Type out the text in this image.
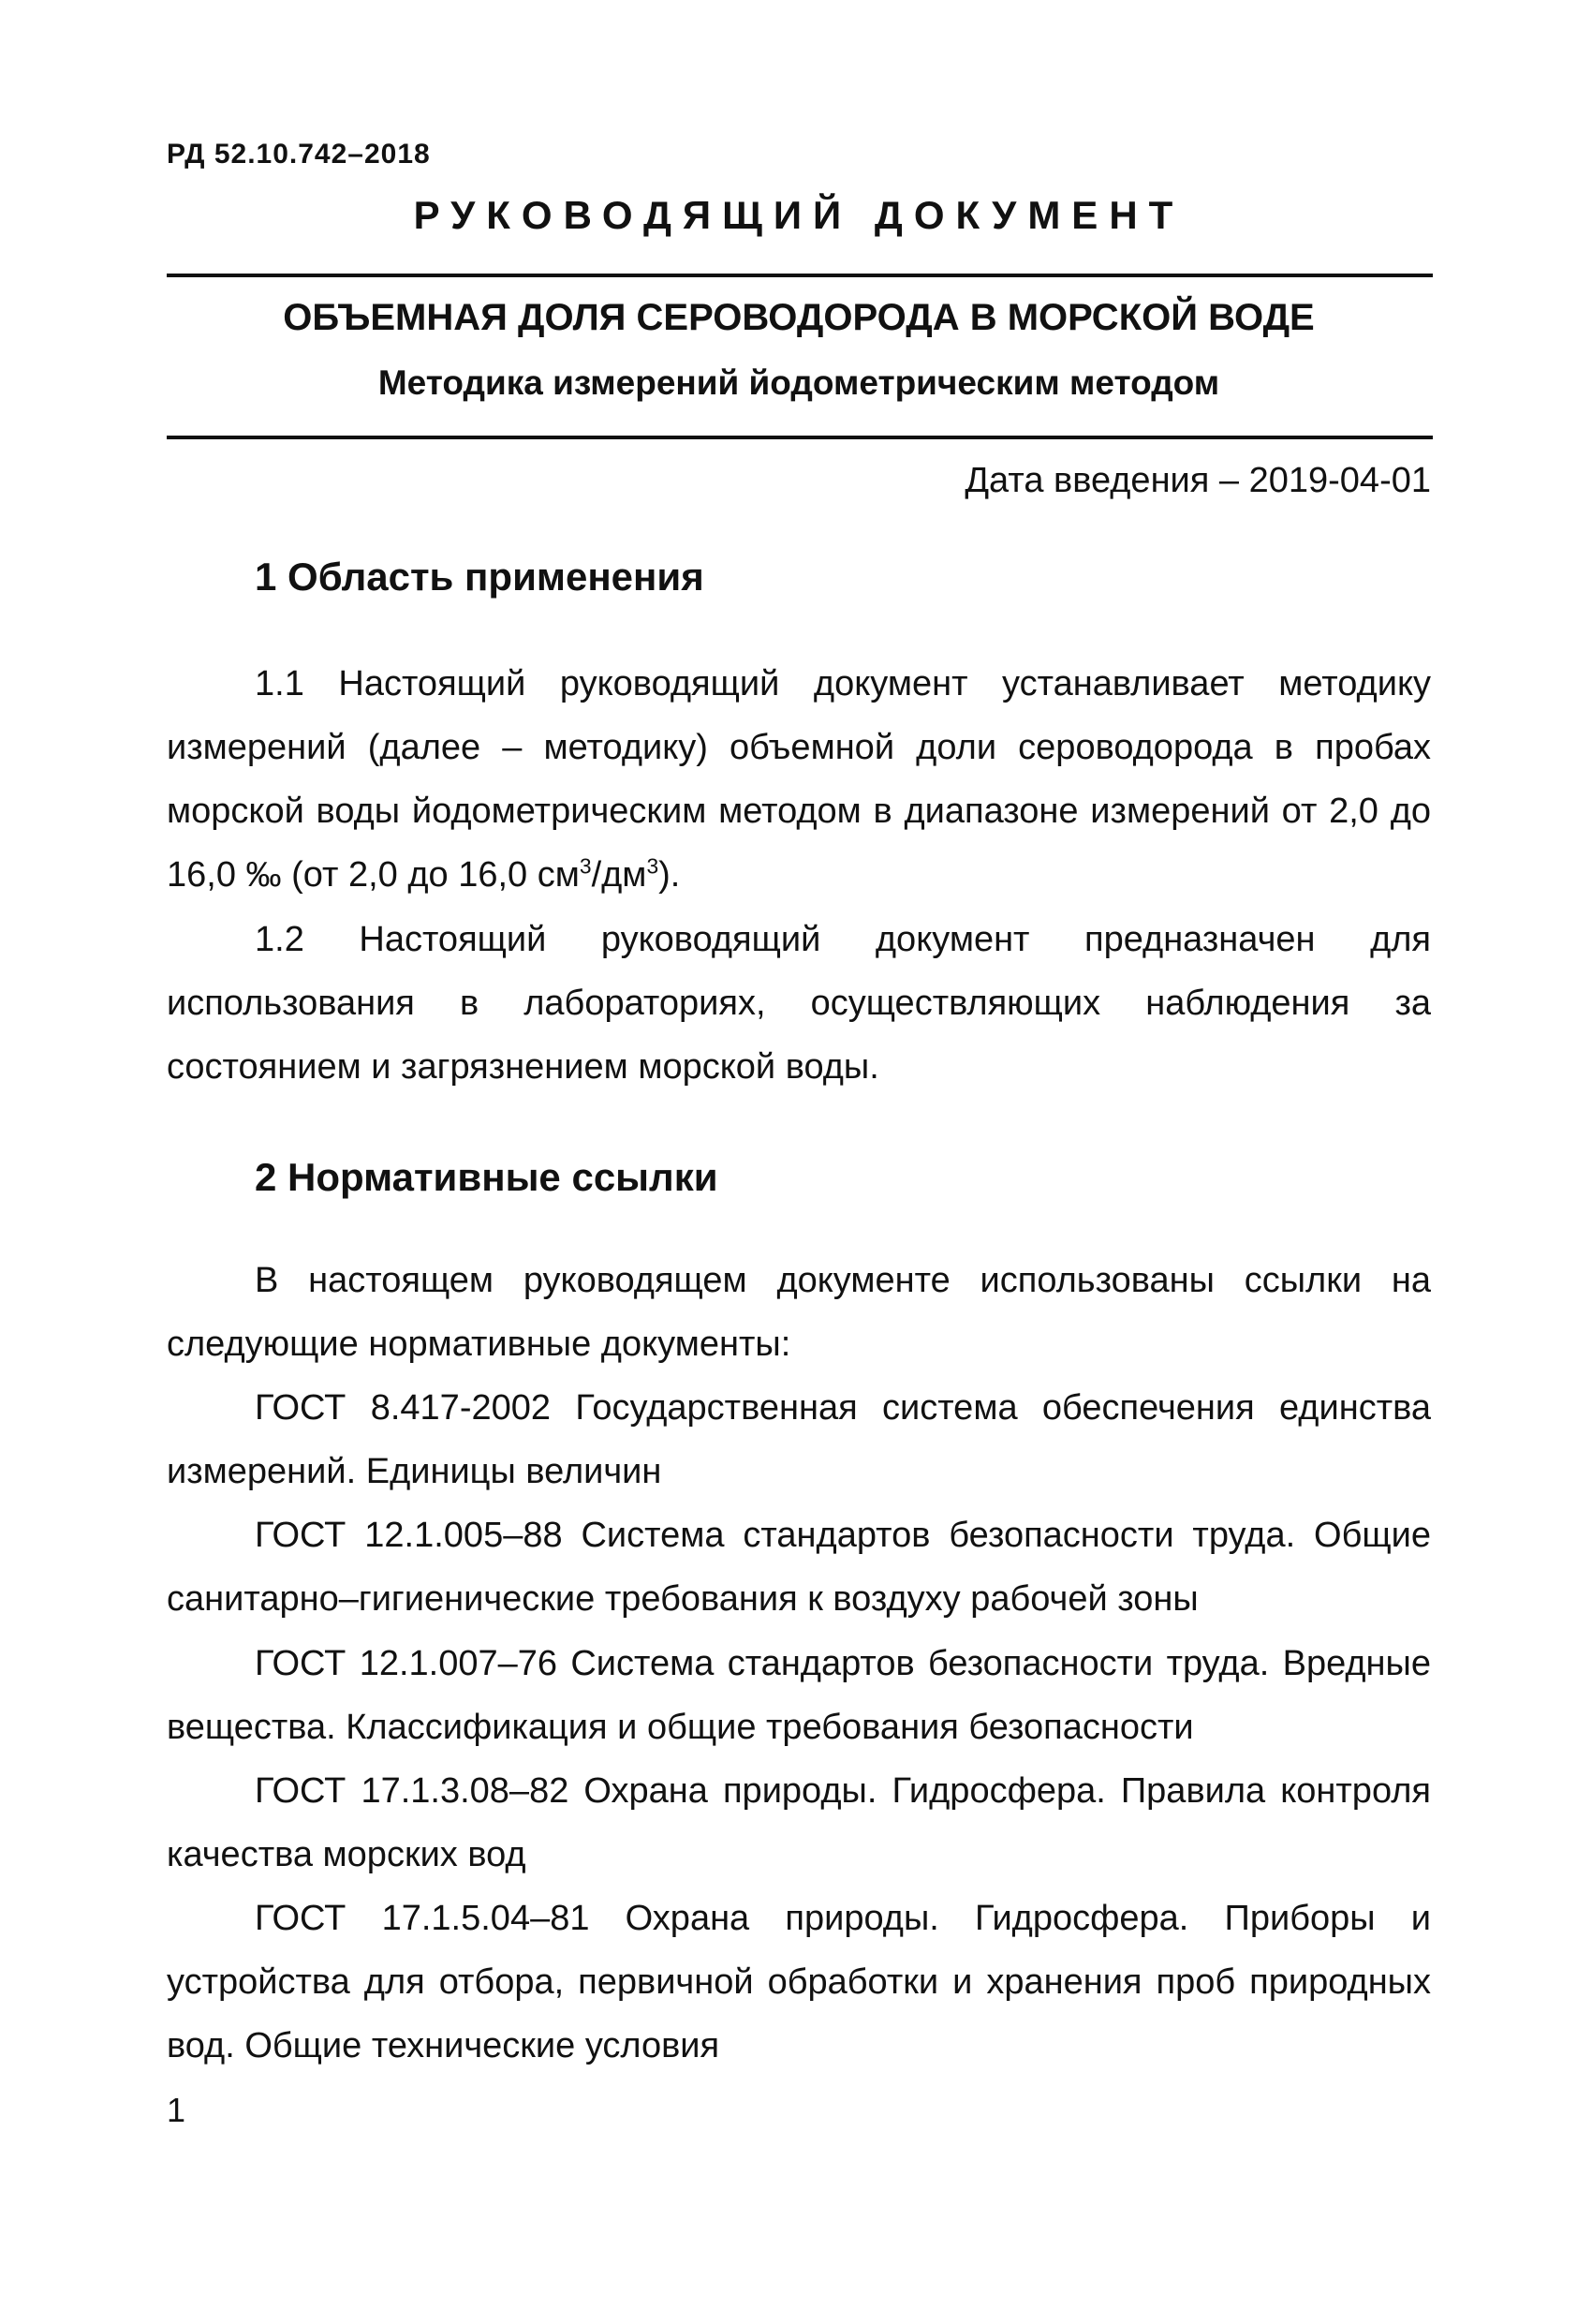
РД 52.10.742–2018
РУКОВОДЯЩИЙ ДОКУМЕНТ
ОБЪЕМНАЯ ДОЛЯ СЕРОВОДОРОДА В МОРСКОЙ ВОДЕ
Методика измерений йодометрическим методом
Дата введения – 2019-04-01
1 Область применения
1.1 Настоящий руководящий документ устанавливает методику измерений (далее – методику) объемной доли сероводорода в пробах морской воды йодометрическим методом в диапазоне измерений от 2,0 до 16,0 ‰ (от 2,0 до 16,0 $см^3/дм^3$).
1.2 Настоящий руководящий документ предназначен для использования в лабораториях, осуществляющих наблюдения за состоянием и загрязнением морской воды.
2 Нормативные ссылки
В настоящем руководящем документе использованы ссылки на следующие нормативные документы:
ГОСТ 8.417-2002 Государственная система обеспечения единства измерений. Единицы величин
ГОСТ 12.1.005–88 Система стандартов безопасности труда. Общие санитарно–гигиенические требования к воздуху рабочей зоны
ГОСТ 12.1.007–76 Система стандартов безопасности труда. Вредные вещества. Классификация и общие требования безопасности
ГОСТ 17.1.3.08–82 Охрана природы. Гидросфера. Правила контроля качества морских вод
ГОСТ 17.1.5.04–81 Охрана природы. Гидросфера. Приборы и устройства для отбора, первичной обработки и хранения проб природных вод. Общие технические условия
1
